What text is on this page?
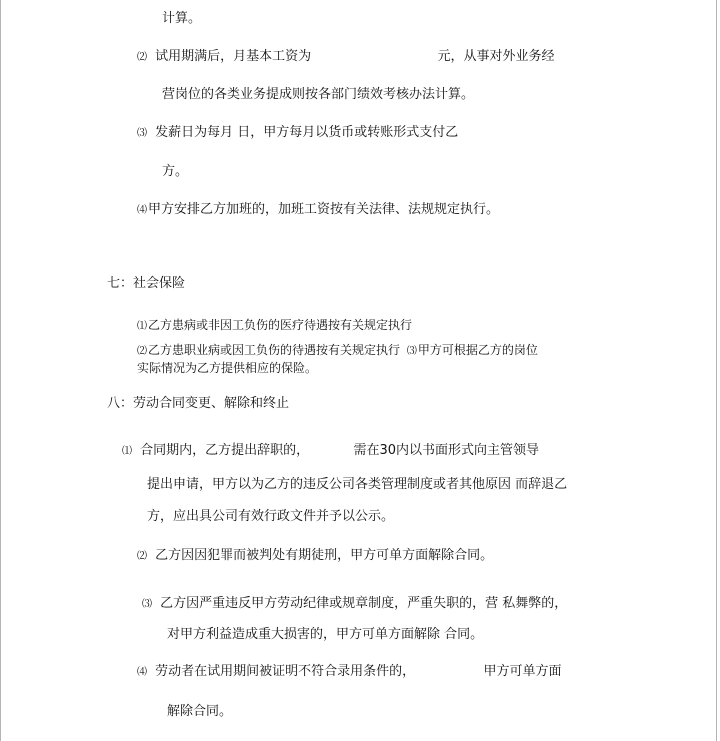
计算。
⑵ 试用期满后，月基本工资为	元，从事对外业务经
营岗位的各类业务提成则按各部门绩效考核办法计算。
⑶ 发薪日为每月 日，甲方每月以货币或转账形式支付乙
方。
⑷甲方安排乙方加班的，加班工资按有关法律、法规规定执行。
七：社会保险
⑴乙方患病或非因工负伤的医疗待遇按有关规定执行
⑵乙方患职业病或因工负伤的待遇按有关规定执行 ⑶甲方可根据乙方的岗位
实际情况为乙方提供相应的保险。
八：劳动合同变更、解除和终止
⑴ 合同期内，乙方提出辞职的，	需在30内以书面形式向主管领导
提出申请，甲方以为乙方的违反公司各类管理制度或者其他原因 而辞退乙
方，应出具公司有效行政文件并予以公示。
⑵ 乙方因因犯罪而被判处有期徒刑，甲方可单方面解除合同。
⑶ 乙方因严重违反甲方劳动纪律或规章制度，严重失职的，营 私舞弊的，
对甲方利益造成重大损害的，甲方可单方面解除 合同。
⑷ 劳动者在试用期间被证明不符合录用条件的，	甲方可单方面
解除合同。
